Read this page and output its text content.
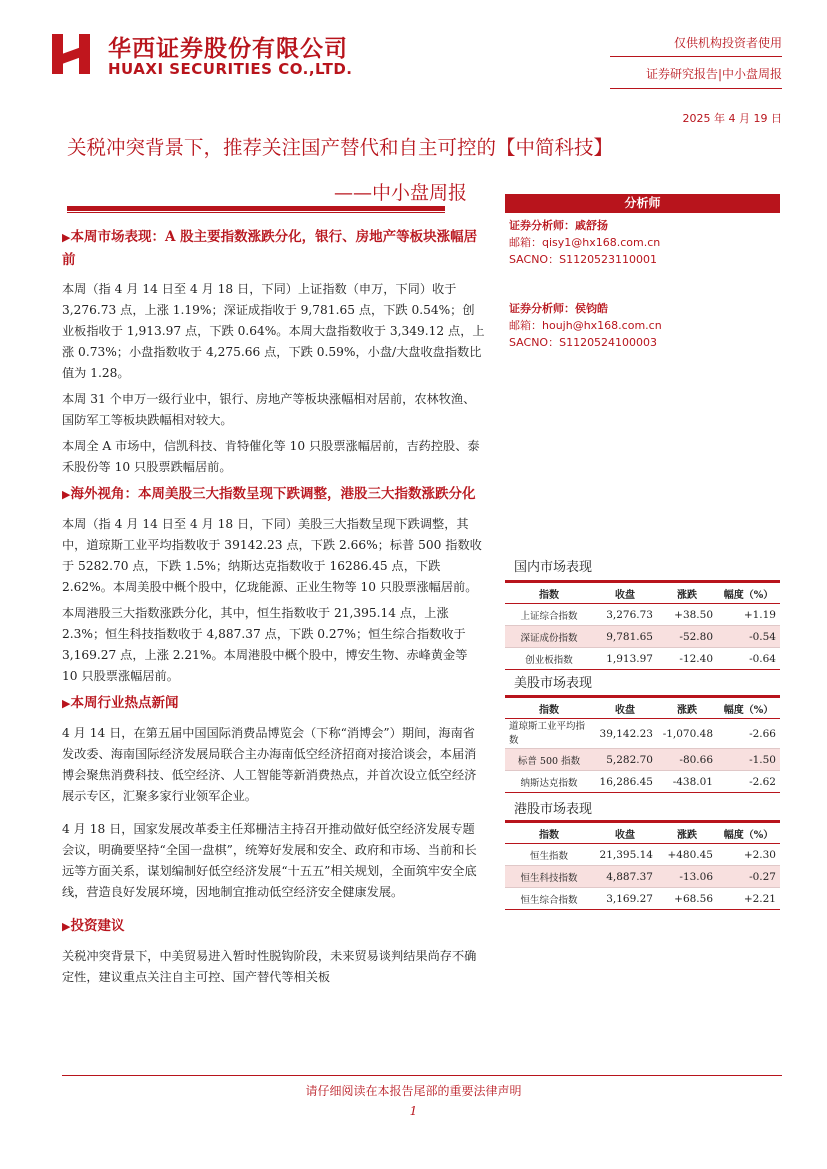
华西证券股份有限公司
HUAXI SECURITIES CO.,LTD.
仅供机构投资者使用
证券研究报告|中小盘周报
2025 年 4 月 19 日
关税冲突背景下，推荐关注国产替代和自主可控的【中简科技】
——中小盘周报
▶本周市场表现：A 股主要指数涨跌分化，银行、房地产等板块涨幅居前

本周（指 4 月 14 日至 4 月 18 日，下同）上证指数（申万，下同）收于 3,276.73 点，上涨 1.19%；深证成指收于 9,781.65 点，下跌 0.54%；创业板指收于 1,913.97 点，下跌 0.64%。本周大盘指数收于 3,349.12 点，上涨 0.73%；小盘指数收于 4,275.66 点，下跌 0.59%，小盘/大盘收盘指数比值为 1.28。

本周 31 个申万一级行业中，银行、房地产等板块涨幅相对居前，农林牧渔、国防军工等板块跌幅相对较大。

本周全 A 市场中，信凯科技、肯特催化等 10 只股票涨幅居前，吉药控股、泰禾股份等 10 只股票跌幅居前。

▶海外视角：本周美股三大指数呈现下跌调整，港股三大指数涨跌分化

本周（指 4 月 14 日至 4 月 18 日，下同）美股三大指数呈现下跌调整，其中，道琼斯工业平均指数收于 39142.23 点，下跌 2.66%；标普 500 指数收于 5282.70 点，下跌 1.5%；纳斯达克指数收于 16286.45 点，下跌 2.62%。本周美股中概个股中，亿珑能源、正业生物等 10 只股票涨幅居前。

本周港股三大指数涨跌分化，其中，恒生指数收于 21,395.14 点，上涨 2.3%；恒生科技指数收于 4,887.37 点，下跌 0.27%；恒生综合指数收于 3,169.27 点，上涨 2.21%。本周港股中概个股中，博安生物、赤峰黄金等 10 只股票涨幅居前。

▶本周行业热点新闻

4 月 14 日，在第五届中国国际消费品博览会（下称“消博会”）期间，海南省发改委、海南国际经济发展局联合主办海南低空经济招商对接洽谈会，本届消博会聚焦消费科技、低空经济、人工智能等新消费热点，并首次设立低空经济展示专区，汇聚多家行业领军企业。

4 月 18 日，国家发展改革委主任郑栅洁主持召开推动做好低空经济发展专题会议，明确要坚持“全国一盘棋”，统筹好发展和安全、政府和市场、当前和长远等方面关系，谋划编制好低空经济发展“十五五”相关规划，全面筑牢安全底线，营造良好发展环境，因地制宜推动低空经济安全健康发展。

▶投资建议

关税冲突背景下，中美贸易进入暂时性脱钩阶段，未来贸易谈判结果尚存不确定性，建议重点关注自主可控、国产替代等相关板

分析师
证券分析师：戚舒扬
邮箱：qisy1@hx168.com.cn
SACNO：S1120523110001
证券分析师：侯钧皓
邮箱：houjh@hx168.com.cn
SACNO：S1120524100003
国内市场表现
指数	收盘	涨跌	幅度（%）
上证综合指数	3,276.73	+38.50	+1.19
深证成份指数	9,781.65	-52.80	-0.54
创业板指数	1,913.97	-12.40	-0.64
美股市场表现
指数	收盘	涨跌	幅度（%）
道琼斯工业平均指数	39,142.23	-1,070.48	-2.66
标普 500 指数	5,282.70	-80.66	-1.50
纳斯达克指数	16,286.45	-438.01	-2.62
港股市场表现
指数	收盘	涨跌	幅度（%）
恒生指数	21,395.14	+480.45	+2.30
恒生科技指数	4,887.37	-13.06	-0.27
恒生综合指数	3,169.27	+68.56	+2.21
请仔细阅读在本报告尾部的重要法律声明
1
